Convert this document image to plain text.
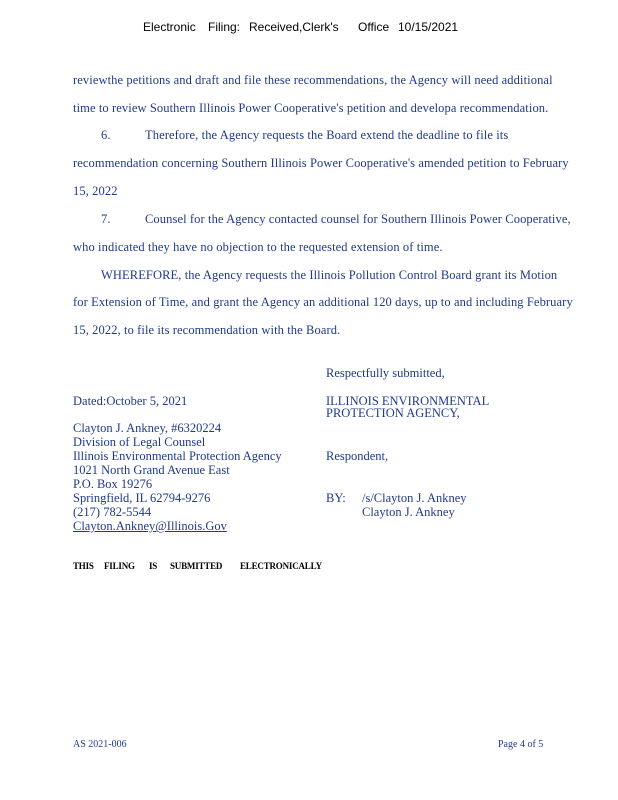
Electronic

Filing:

Received,Clerk's

Office

10/15/2021

reviewthe petitions and draft and file these recommendations, the Agency will need additional
time to review Southern Illinois Power Cooperative's petition and developa recommendation.
6.	Therefore, the Agency requests the Board extend the deadline to file its
recommendation concerning Southern Illinois Power Cooperative's amended petition to February
15, 2022
7.	Counsel for the Agency contacted counsel for Southern Illinois Power Cooperative,
who indicated they have no objection to the requested extension of time.
WHEREFORE, the Agency requests the Illinois Pollution Control Board grant its Motion
for Extension of Time, and grant the Agency an additional 120 days, up to and including February
15, 2022, to file its recommendation with the Board.
Respectfully submitted,
ILLINOIS ENVIRONMENTAL
PROTECTION AGENCY,
Respondent,
BY: /s/Clayton J. Ankney
Clayton J. Ankney
Dated:October 5, 2021
Clayton J. Ankney, #6320224
Division of Legal Counsel
Illinois Environmental Protection Agency
1021 North Grand Avenue East
P.O. Box 19276
Springfield, IL 62794-9276
(217) 782-5544
Clayton.Ankney@Illinois.Gov
THIS FILING IS SUBMITTED ELECTRONICALLY
AS 2021-006	Page 4 of 5
